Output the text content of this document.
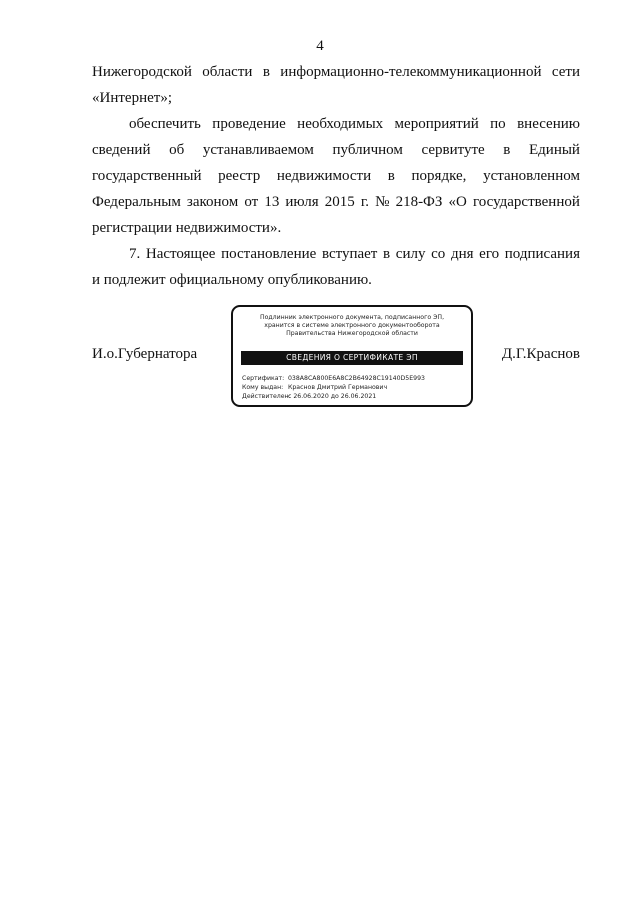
4
Нижегородской области в информационно-телекоммуникационной сети
«Интернет»;
обеспечить проведение необходимых мероприятий по внесению
сведений об устанавливаемом публичном сервитуте в Единый
государственный реестр недвижимости в порядке, установленном
Федеральным законом от 13 июля 2015 г. № 218-ФЗ «О государственной
регистрации недвижимости».
7. Настоящее постановление вступает в силу со дня его подписания
и подлежит официальному опубликованию.
И.о.Губернатора
Подлинник электронного документа, подписанного ЭП,
хранится в системе электронного документооборота
Правительства Нижегородской области
СВЕДЕНИЯ О СЕРТИФИКАТЕ ЭП
Сертификат: 038A8CA800E6A8C2B64928C19140D5E993
Кому выдан: Краснов Дмитрий Германович
Действителен: с 26.06.2020 до 26.06.2021
Д.Г.Краснов
